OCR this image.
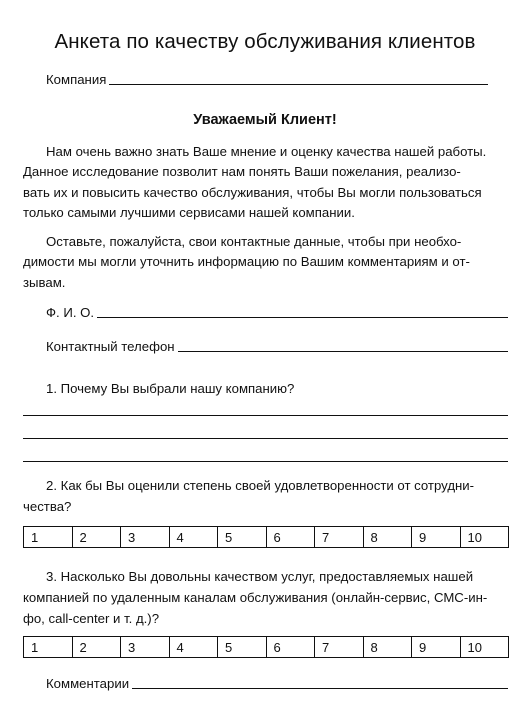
Анкета по качеству обслуживания клиентов
Компания
Уважаемый Клиент!
Нам очень важно знать Ваше мнение и оценку качества нашей работы.
Данное исследование позволит нам понять Ваши пожелания, реализо-
вать их и повысить качество обслуживания, чтобы Вы могли пользоваться
только самыми лучшими сервисами нашей компании.
Оставьте, пожалуйста, свои контактные данные, чтобы при необхо-
димости мы могли уточнить информацию по Вашим комментариям и от-
зывам.
Ф. И. О.
Контактный телефон
1. Почему Вы выбрали нашу компанию?
2. Как бы Вы оценили степень своей удовлетворенности от сотрудни-
чества?
1	2	3	4	5	6	7	8	9	10
3. Насколько Вы довольны качеством услуг, предоставляемых нашей
компанией по удаленным каналам обслуживания (онлайн-сервис, СМС-ин-
фо, call-center и т. д.)?
1	2	3	4	5	6	7	8	9	10
Комментарии
